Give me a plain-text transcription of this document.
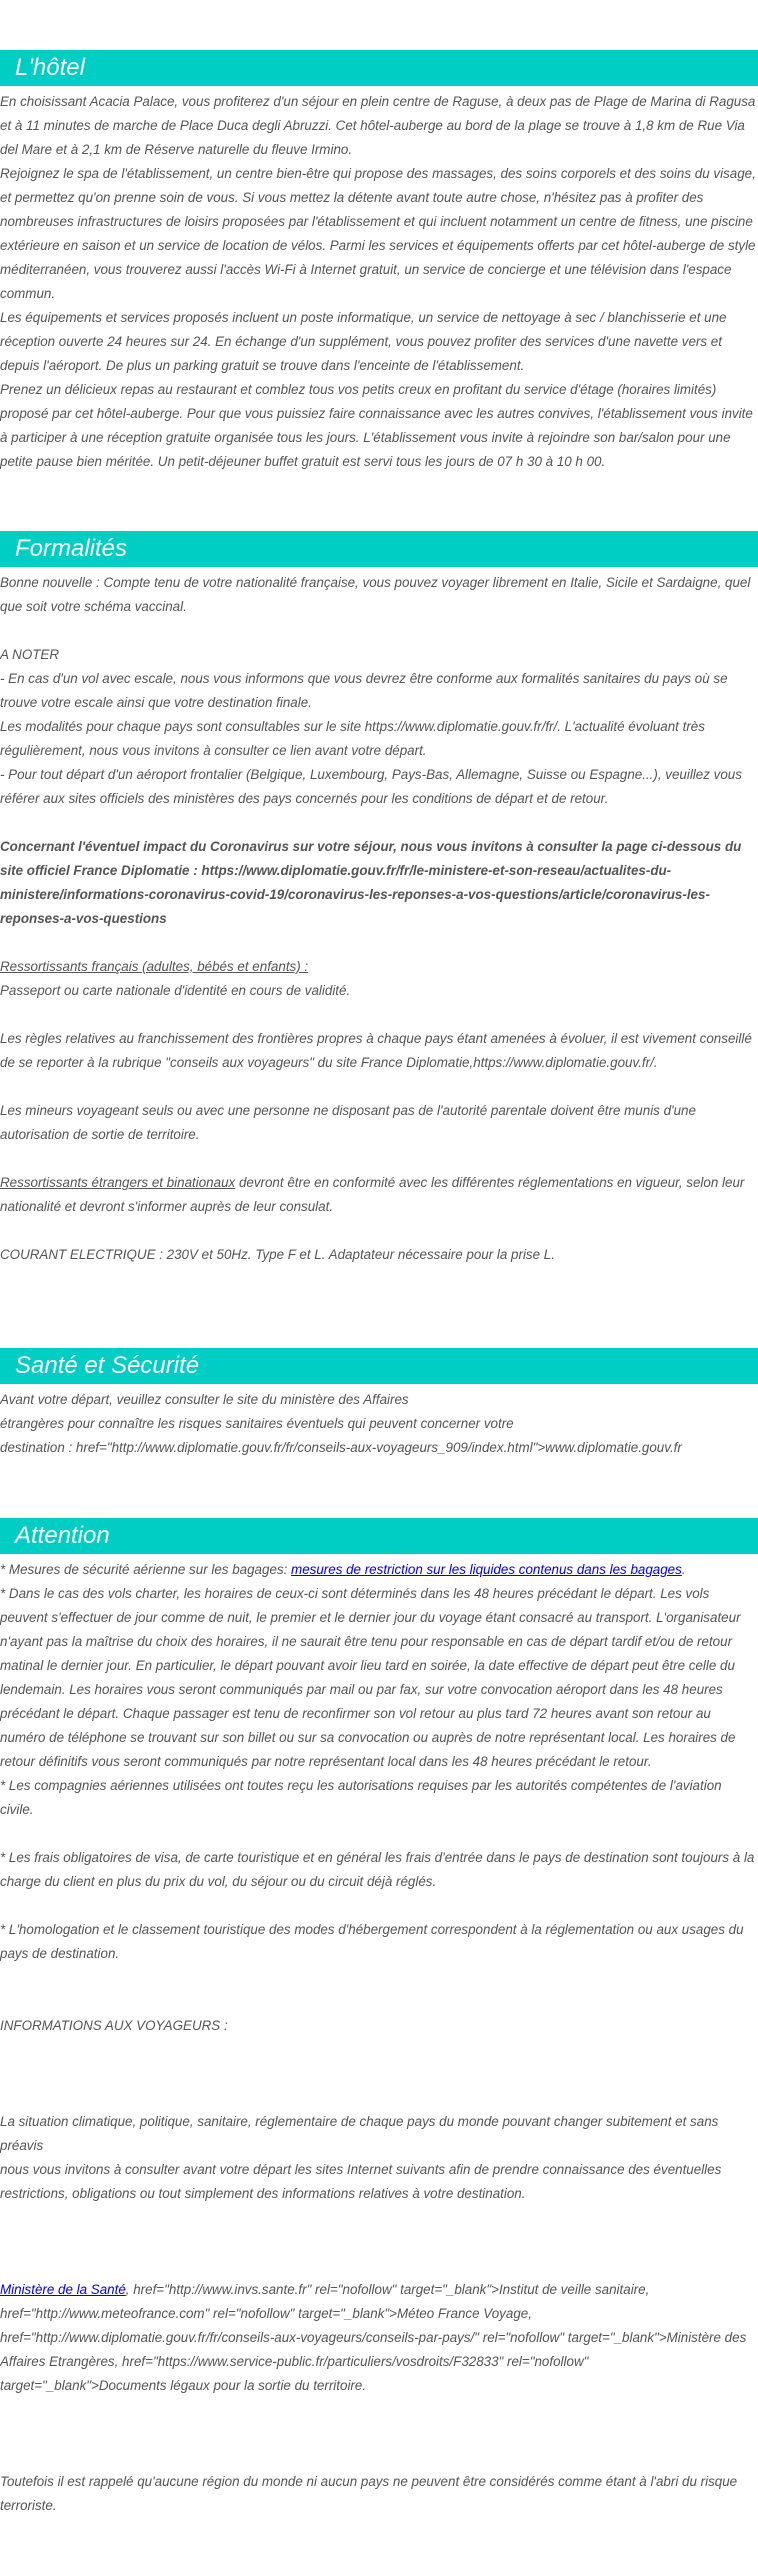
L'hôtel

En choisissant Acacia Palace, vous profiterez d'un séjour en plein centre de Raguse, à deux pas de Plage de Marina di Ragusa et à 11 minutes de marche de Place Duca degli Abruzzi. Cet hôtel-auberge au bord de la plage se trouve à 1,8 km de Rue Via del Mare et à 2,1 km de Réserve naturelle du fleuve Irmino.

Rejoignez le spa de l'établissement, un centre bien-être qui propose des massages, des soins corporels et des soins du visage, et permettez qu'on prenne soin de vous. Si vous mettez la détente avant toute autre chose, n'hésitez pas à profiter des nombreuses infrastructures de loisirs proposées par l'établissement et qui incluent notamment un centre de fitness, une piscine extérieure en saison et un service de location de vélos. Parmi les services et équipements offerts par cet hôtel-auberge de style méditerranéen, vous trouverez aussi l'accès Wi-Fi à Internet gratuit, un service de concierge et une télévision dans l'espace commun.

Les équipements et services proposés incluent un poste informatique, un service de nettoyage à sec / blanchisserie et une réception ouverte 24 heures sur 24. En échange d'un supplément, vous pouvez profiter des services d'une navette vers et depuis l'aéroport. De plus un parking gratuit se trouve dans l'enceinte de l'établissement.

Prenez un délicieux repas au restaurant et comblez tous vos petits creux en profitant du service d'étage (horaires limités) proposé par cet hôtel-auberge. Pour que vous puissiez faire connaissance avec les autres convives, l'établissement vous invite à participer à une réception gratuite organisée tous les jours. L'établissement vous invite à rejoindre son bar/salon pour une petite pause bien méritée. Un petit-déjeuner buffet gratuit est servi tous les jours de 07 h 30 à 10 h 00.

Formalités

Bonne nouvelle : Compte tenu de votre nationalité française, vous pouvez voyager librement en Italie, Sicile et Sardaigne, quel que soit votre schéma vaccinal.

A NOTER

- En cas d'un vol avec escale, nous vous informons que vous devrez être conforme aux formalités sanitaires du pays où se trouve votre escale ainsi que votre destination finale.

Les modalités pour chaque pays sont consultables sur le site https://www.diplomatie.gouv.fr/fr/. L'actualité évoluant très régulièrement, nous vous invitons à consulter ce lien avant votre départ.

- Pour tout départ d'un aéroport frontalier (Belgique, Luxembourg, Pays-Bas, Allemagne, Suisse ou Espagne...), veuillez vous référer aux sites officiels des ministères des pays concernés pour les conditions de départ et de retour.

Concernant l'éventuel impact du Coronavirus sur votre séjour, nous vous invitons à consulter la page ci-dessous du site officiel France Diplomatie : https://www.diplomatie.gouv.fr/fr/le-ministere-et-son-reseau/actualites-du-ministere/informations-coronavirus-covid-19/coronavirus-les-reponses-a-vos-questions/article/coronavirus-les-reponses-a-vos-questions

Ressortissants français (adultes, bébés et enfants) :

Passeport ou carte nationale d'identité en cours de validité.

Les règles relatives au franchissement des frontières propres à chaque pays étant amenées à évoluer, il est vivement conseillé de se reporter à la rubrique "conseils aux voyageurs" du site France Diplomatie,https://www.diplomatie.gouv.fr/.

Les mineurs voyageant seuls ou avec une personne ne disposant pas de l'autorité parentale doivent être munis d'une autorisation de sortie de territoire.

Ressortissants étrangers et binationaux devront être en conformité avec les différentes réglementations en vigueur, selon leur nationalité et devront s'informer auprès de leur consulat.

COURANT ELECTRIQUE : 230V et 50Hz. Type F et L. Adaptateur nécessaire pour la prise L.

Santé et Sécurité

Avant votre départ, veuillez consulter le site du ministère des Affaires

étrangères pour connaître les risques sanitaires éventuels qui peuvent concerner votre

destination : href="http://www.diplomatie.gouv.fr/fr/conseils-aux-voyageurs_909/index.html">www.diplomatie.gouv.fr

Attention

* Mesures de sécurité aérienne sur les bagages: mesures de restriction sur les liquides contenus dans les bagages.

* Dans le cas des vols charter, les horaires de ceux-ci sont déterminés dans les 48 heures précédant le départ. Les vols peuvent s'effectuer de jour comme de nuit, le premier et le dernier jour du voyage étant consacré au transport. L'organisateur n'ayant pas la maîtrise du choix des horaires, il ne saurait être tenu pour responsable en cas de départ tardif et/ou de retour matinal le dernier jour. En particulier, le départ pouvant avoir lieu tard en soirée, la date effective de départ peut être celle du lendemain. Les horaires vous seront communiqués par mail ou par fax, sur votre convocation aéroport dans les 48 heures précédant le départ. Chaque passager est tenu de reconfirmer son vol retour au plus tard 72 heures avant son retour au numéro de téléphone se trouvant sur son billet ou sur sa convocation ou auprès de notre représentant local. Les horaires de retour définitifs vous seront communiqués par notre représentant local dans les 48 heures précédant le retour.

* Les compagnies aériennes utilisées ont toutes reçu les autorisations requises par les autorités compétentes de l'aviation civile.

* Les frais obligatoires de visa, de carte touristique et en général les frais d'entrée dans le pays de destination sont toujours à la charge du client en plus du prix du vol, du séjour ou du circuit déjà réglés.

* L'homologation et le classement touristique des modes d'hébergement correspondent à la réglementation ou aux usages du pays de destination.

INFORMATIONS AUX VOYAGEURS :

La situation climatique, politique, sanitaire, réglementaire de chaque pays du monde pouvant changer subitement et sans préavis

nous vous invitons à consulter avant votre départ les sites Internet suivants afin de prendre connaissance des éventuelles restrictions, obligations ou tout simplement des informations relatives à votre destination.

Ministère de la Santé, href="http://www.invs.sante.fr" rel="nofollow" target="_blank">Institut de veille sanitaire, href="http://www.meteofrance.com" rel="nofollow" target="_blank">Méteo France Voyage, href="http://www.diplomatie.gouv.fr/fr/conseils-aux-voyageurs/conseils-par-pays/" rel="nofollow" target="_blank">Ministère des Affaires Etrangères, href="https://www.service-public.fr/particuliers/vosdroits/F32833" rel="nofollow" target="_blank">Documents légaux pour la sortie du territoire.

Toutefois il est rappelé qu'aucune région du monde ni aucun pays ne peuvent être considérés comme étant à l'abri du risque terroriste.
